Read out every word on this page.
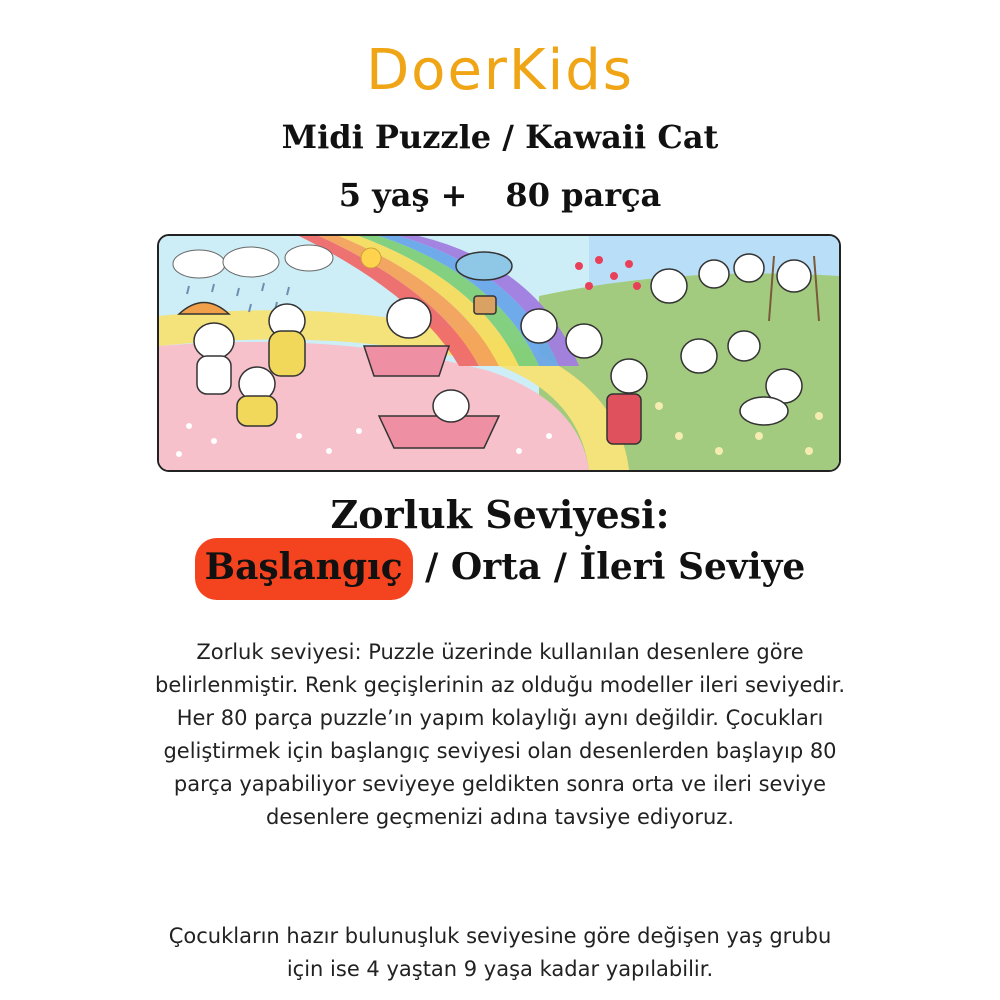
DoerKids
Midi Puzzle / Kawaii Cat
5 yaş + 80 parça
Zorluk Seviyesi:
Başlangıç / Orta / İleri Seviye
Zorluk seviyesi: Puzzle üzerinde kullanılan desenlere göre belirlenmiştir. Renk geçişlerinin az olduğu modeller ileri seviyedir. Her 80 parça puzzle’ın yapım kolaylığı aynı değildir. Çocukları geliştirmek için başlangıç seviyesi olan desenlerden başlayıp 80 parça yapabiliyor seviyeye geldikten sonra orta ve ileri seviye desenlere geçmenizi adına tavsiye ediyoruz.
Çocukların hazır bulunuşluk seviyesine göre değişen yaş grubu için ise 4 yaştan 9 yaşa kadar yapılabilir.
